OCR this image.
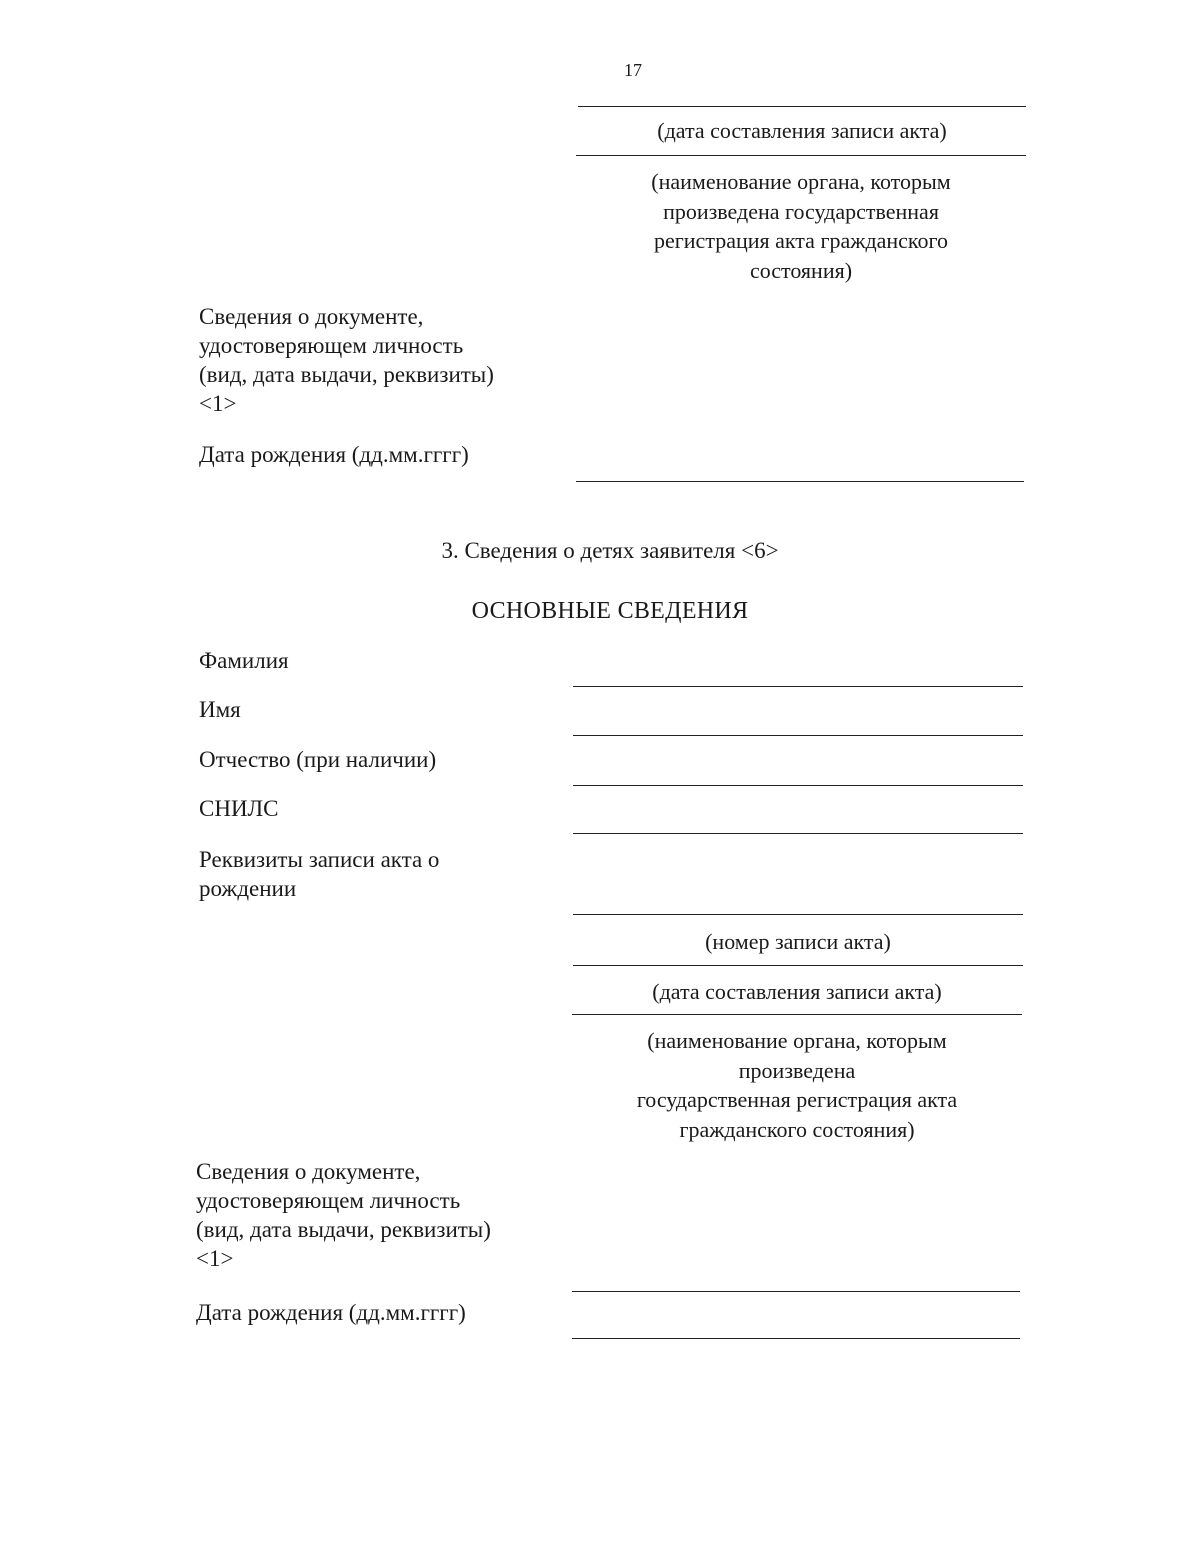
17
(дата составления записи акта)
(наименование органа, которым
произведена государственная
регистрация акта гражданского
состояния)
Сведения о документе,
удостоверяющем личность
(вид, дата выдачи, реквизиты)
<1>
Дата рождения (дд.мм.гггг)
3. Сведения о детях заявителя <6>
ОСНОВНЫЕ СВЕДЕНИЯ
Фамилия
Имя
Отчество (при наличии)
СНИЛС
Реквизиты записи акта о
рождении
(номер записи акта)
(дата составления записи акта)
(наименование органа, которым
произведена
государственная регистрация акта
гражданского состояния)
Сведения о документе,
удостоверяющем личность
(вид, дата выдачи, реквизиты)
<1>
Дата рождения (дд.мм.гггг)
